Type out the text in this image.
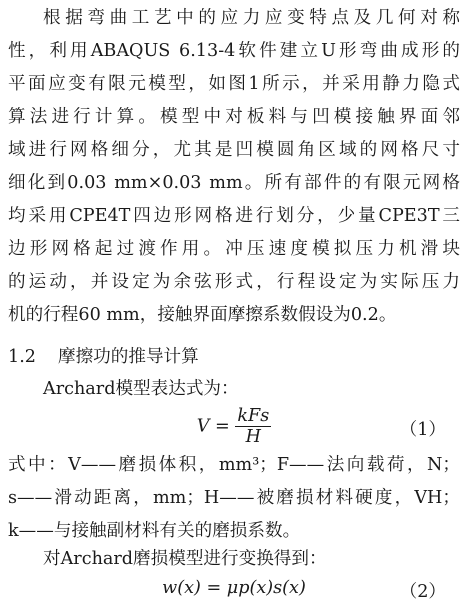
根据弯曲工艺中的应力应变特点及几何对称
性，利用ABAQUS 6.13-4软件建立U形弯曲成形的
平面应变有限元模型，如图1所示，并采用静力隐式
算法进行计算。模型中对板料与凹模接触界面邻
域进行网格细分，尤其是凹模圆角区域的网格尺寸
细化到0.03 mm×0.03 mm。所有部件的有限元网格
均采用CPE4T四边形网格进行划分，少量CPE3T三
边形网格起过渡作用。冲压速度模拟压力机滑块
的运动，并设定为余弦形式，行程设定为实际压力
机的行程60 mm，接触界面摩擦系数假设为0.2。
1.2 摩擦功的推导计算
Archard模型表达式为：
$V = \frac{\text{kFs}}{H}$	（1）
式中：V——磨损体积，mm³；F——法向载荷，N；
s——滑动距离，mm；H——被磨损材料硬度，VH；
k——与接触副材料有关的磨损系数。
对Archard磨损模型进行变换得到：
w(x) = μp(x)s(x)	（2）
